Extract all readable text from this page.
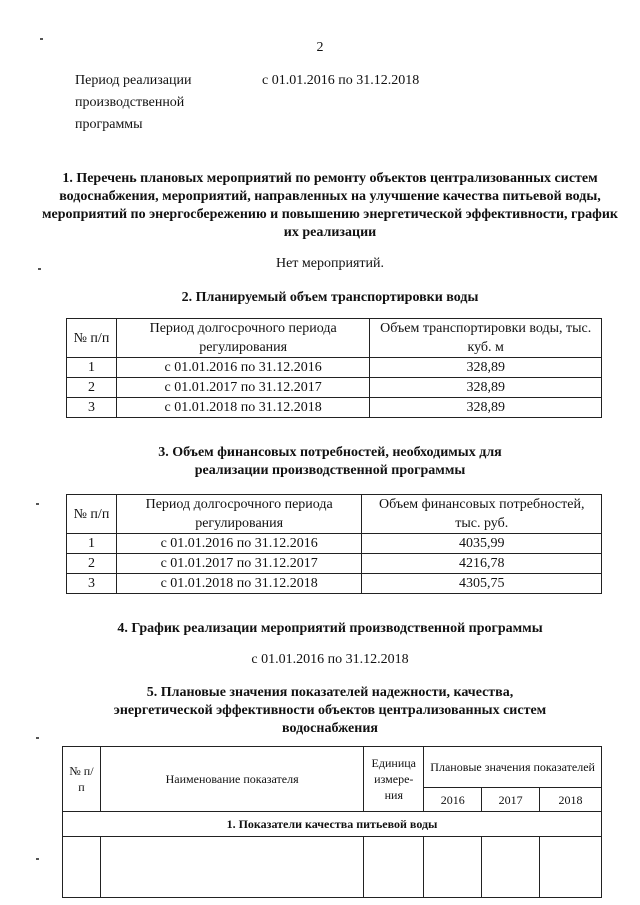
2
Период реализации производственной программы
с 01.01.2016 по 31.12.2018
1. Перечень плановых мероприятий по ремонту объектов централизованных систем водоснабжения, мероприятий, направленных на улучшение качества питьевой воды, мероприятий по энергосбережению и повышению энергетической эффективности, график их реализации
Нет мероприятий.
2. Планируемый объем транспортировки воды
№ п/п	Период долгосрочного периода регулирования	Объем транспортировки воды, тыс. куб. м
1	с 01.01.2016 по 31.12.2016	328,89
2	с 01.01.2017 по 31.12.2017	328,89
3	с 01.01.2018 по 31.12.2018	328,89
3. Объем финансовых потребностей, необходимых для реализации производственной программы
№ п/п	Период долгосрочного периода регулирования	Объем финансовых потребностей, тыс. руб.
1	с 01.01.2016 по 31.12.2016	4035,99
2	с 01.01.2017 по 31.12.2017	4216,78
3	с 01.01.2018 по 31.12.2018	4305,75
4. График реализации мероприятий производственной программы
с 01.01.2016 по 31.12.2018
5. Плановые значения показателей надежности, качества, энергетической эффективности объектов централизованных систем водоснабжения
№ п/п	Наименование показателя	Единица измере-ния	Плановые значения показателей		
			2016	2017	2018
1. Показатели качества питьевой воды					
